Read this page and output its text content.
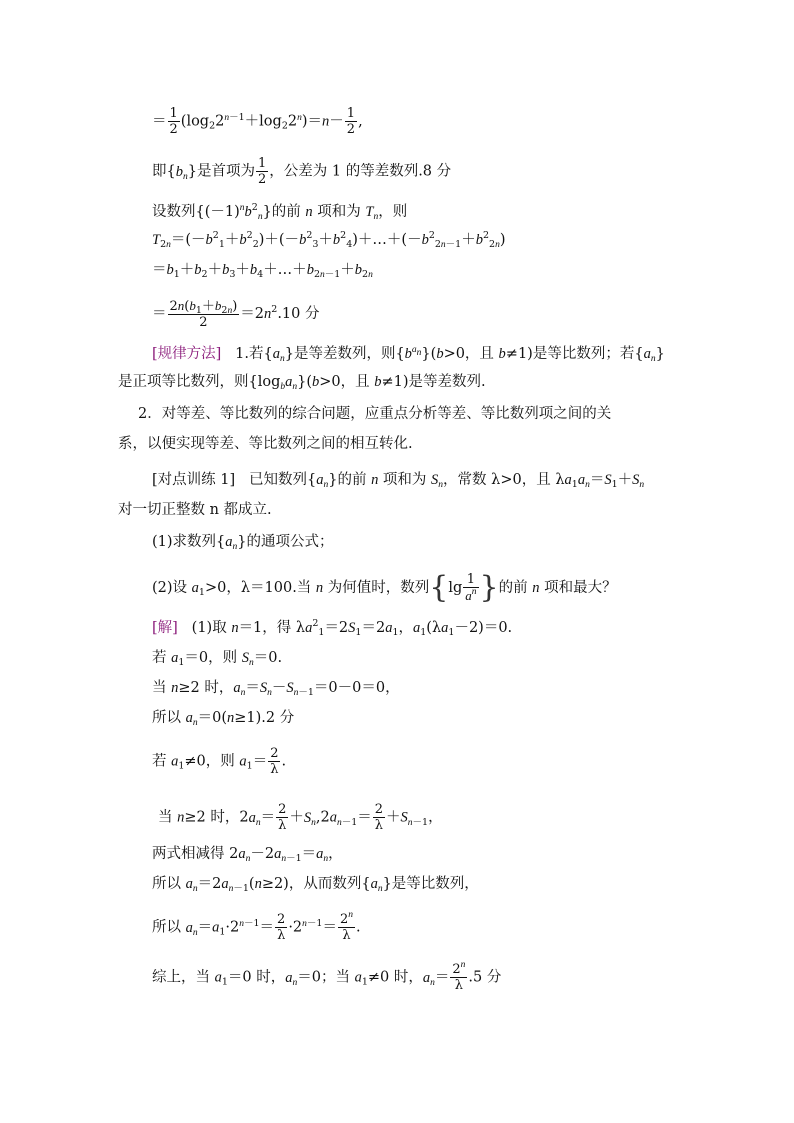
＝ $\frac{1}{2} (\log_22^{n-1}+\log_22^n)=n- \frac{1}{2}$ ,
即$\{b_n\}$是首项为 $\frac{1}{2}$ ，公差为 1 的等差数列.8 分
设数列$\{(-1)^nb^2_n\}$的前 n 项和为 $T_n$，则
$T_{2n}=(-b^2_1+b^2_2)+(-b^2_3+b^2_4)+\dots+(-b^2_{2n-1}+b^2_{2n})$
$=b_1+b_2+b_3+b_4+\dots+b_{2n-1}+b_{2n}$
＝ $\frac{2n(b_1+b_{2n})}{2} =2n^2.10$ 分
[规律方法]   1.若$\{a_n\}$是等差数列，则$\{b^{a_n}\}(b>0$，且 b≠1)是等比数列；若$\{a_n\}$
是正项等比数列，则$\{\log_ba_n\}(b>0$，且 b≠1)是等差数列.
2．对等差、等比数列的综合问题，应重点分析等差、等比数列项之间的关
系，以便实现等差、等比数列之间的相互转化.
[对点训练 1]   已知数列$\{a_n\}$的前 n 项和为 $S_n$，常数 λ>0，且 $\lambda a_1a_n=S_1+S_n$
对一切正整数 n 都成立.
(1)求数列$\{a_n\}$的通项公式；
(2)设 $a_1>0$，λ＝100.当 n 为何值时，数列{$\lg \frac{1}{a^n}$ }的前 n 项和最大？
[解]   (1)取 n＝1，得 $\lambda a^2_1=2S_1=2a_1$，$a_1(\lambda a_1-2)=0$.
若 $a_1=0$，则 $S_n=0$.
当 n≥2 时，$a_n=S_n-S_{n-1}=0-0=0$，
所以 $a_n=0(n\ge 1).2$ 分
若 $a_1\ne 0$，则 $a_1= \frac{2}{\lambda}$ .
当 n≥2 时，$2a_n= \frac{2}{\lambda} +S_n,2a_{n-1}= \frac{2}{\lambda} +S_{n-1}$，
两式相减得 $2a_n-2a_{n-1}=a_n$，
所以 $a_n=2a_{n-1}(n\ge 2)$，从而数列$\{a_n\}$是等比数列，
所以 $a_n=a_1\cdot 2^{n-1}= \frac{2}{\lambda} \cdot 2^{n-1}= \frac{2^n}{\lambda}$ .
综上，当 $a_1=0$ 时，$a_n=0$；当 $a_1\ne 0$ 时，$a_n= \frac{2^n}{\lambda} .5$ 分
